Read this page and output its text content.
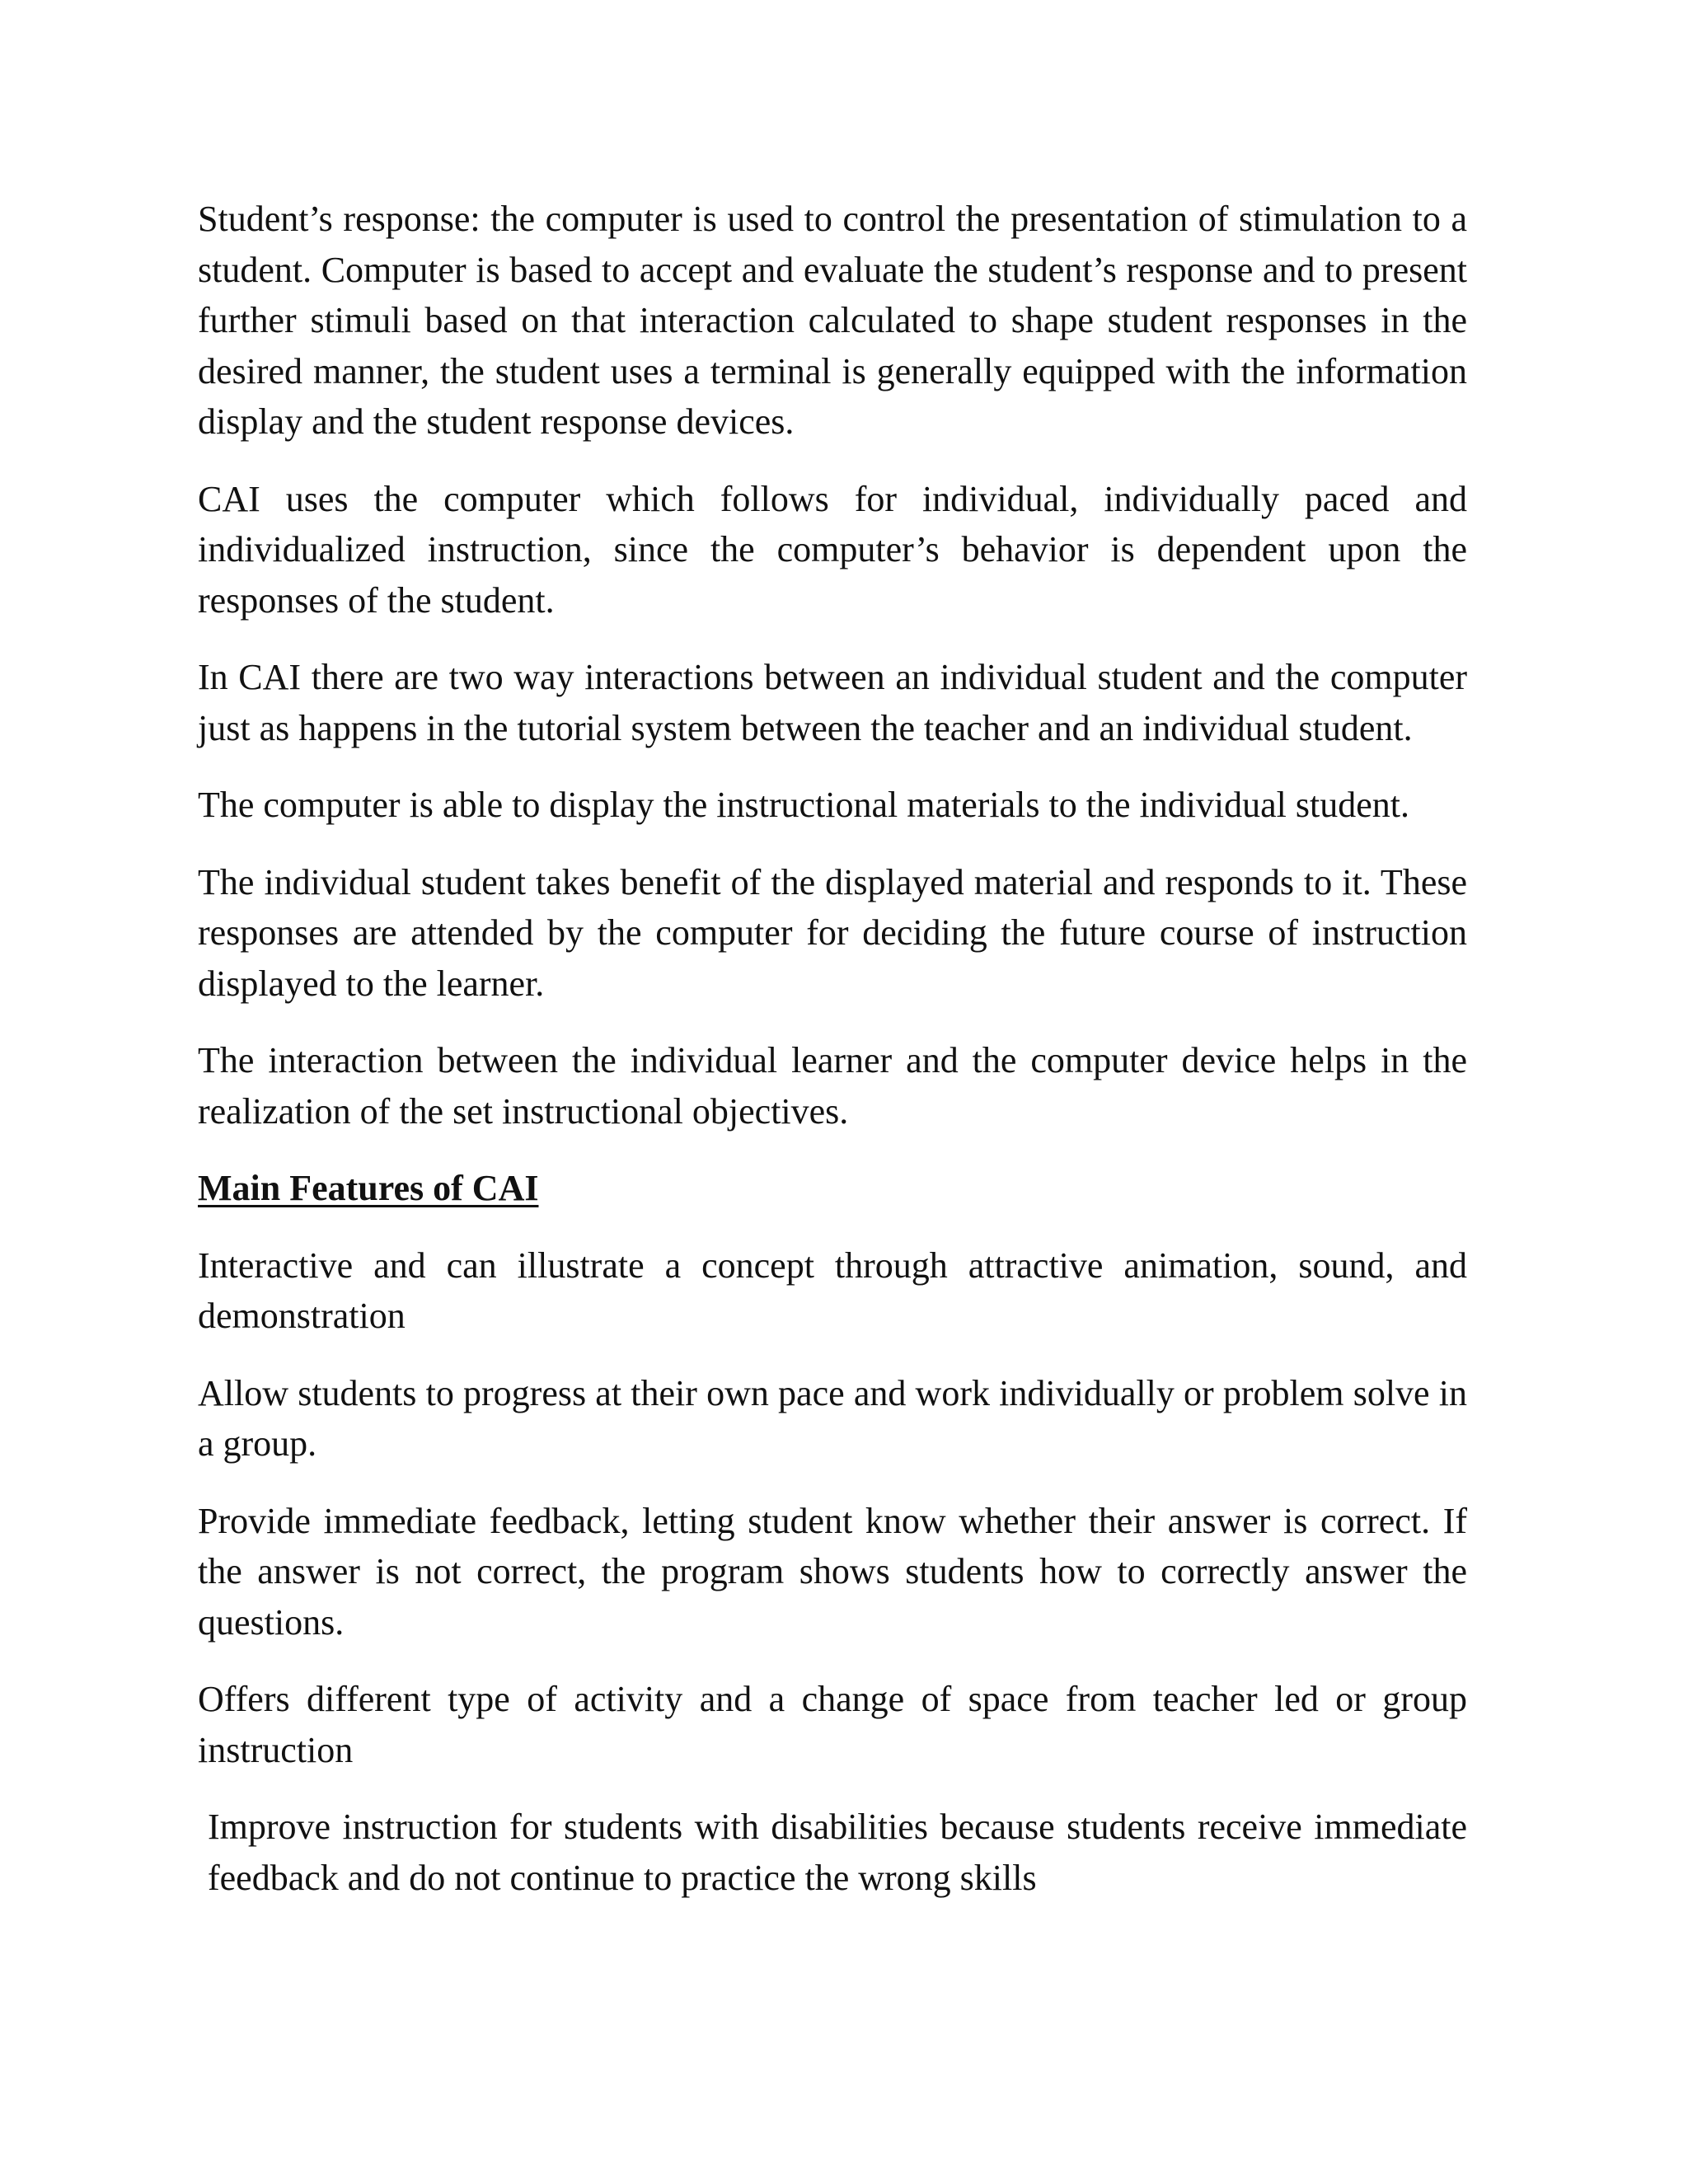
Student’s response: the computer is used to control the presentation of stimulation to a student. Computer is based to accept and evaluate the student’s response and to present further stimuli based on that interaction calculated to shape student responses in the desired manner, the student uses a terminal is generally equipped with the information display and the student response devices.

CAI uses the computer which follows for individual, individually paced and individualized instruction, since the computer’s behavior is dependent upon the responses of the student.

In CAI there are two way interactions between an individual student and the computer just as happens in the tutorial system between the teacher and an individual student.

The computer is able to display the instructional materials to the individual student.

The individual student takes benefit of the displayed material and responds to it. These responses are attended by the computer for deciding the future course of instruction displayed to the learner.

The interaction between the individual learner and the computer device helps in the realization of the set instructional objectives.

Main Features of CAI

Interactive and can illustrate a concept through attractive animation, sound, and demonstration

Allow students to progress at their own pace and work individually or problem solve in a group.

Provide immediate feedback, letting student know whether their answer is correct. If the answer is not correct, the program shows students how to correctly answer the questions.

Offers different type of activity and a change of space from teacher led or group instruction

Improve instruction for students with disabilities because students receive immediate feedback and do not continue to practice the wrong skills
